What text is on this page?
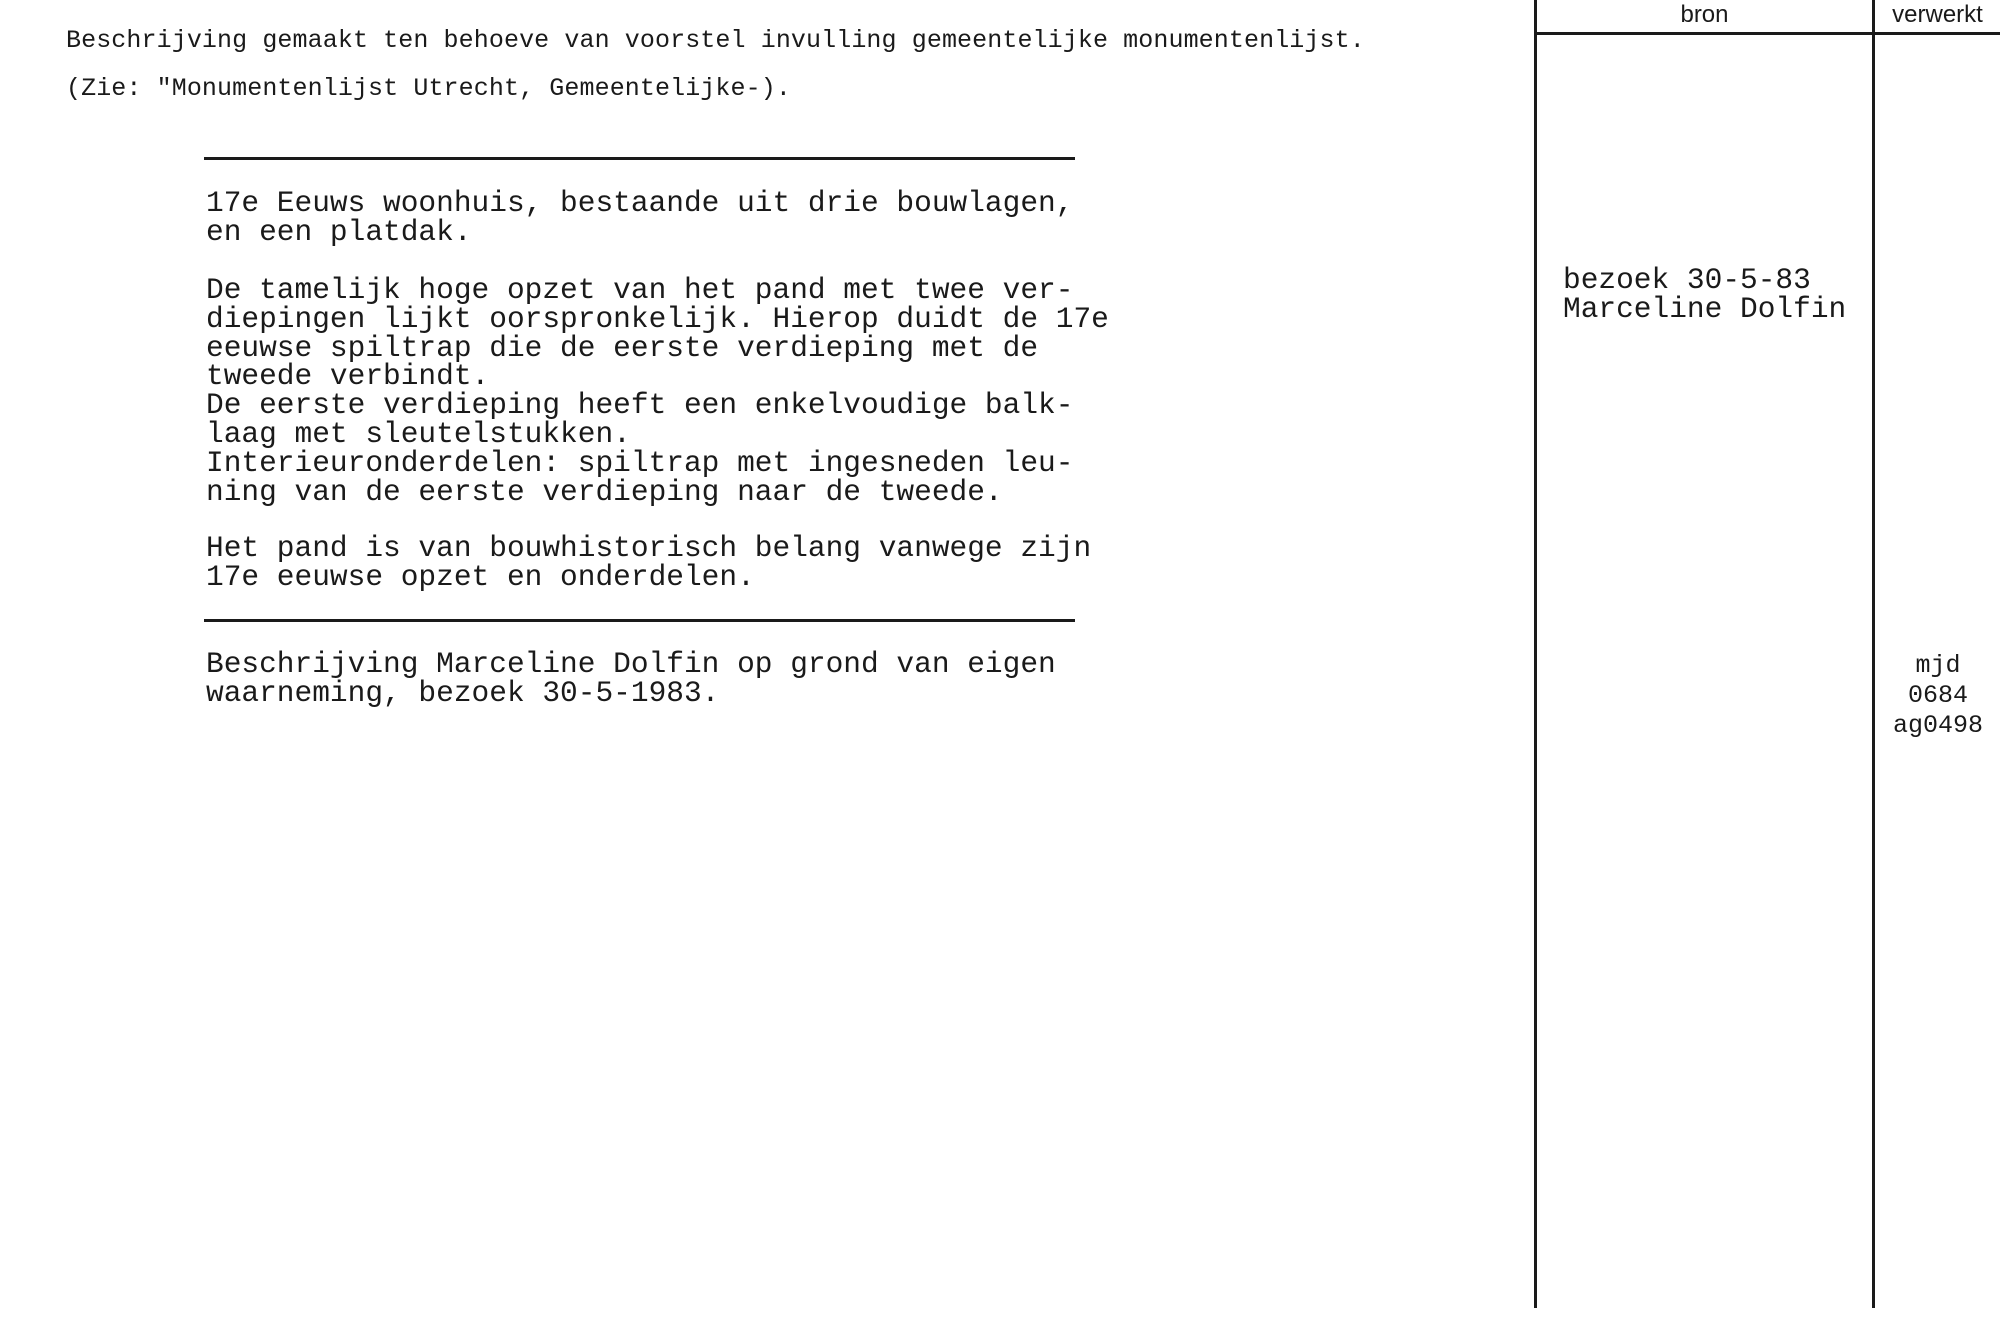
Beschrijving gemaakt ten behoeve van voorstel invulling gemeentelijke monumentenlijst.
(Zie: "Monumentenlijst Utrecht, Gemeentelijke-).
17e Eeuws woonhuis, bestaande uit drie bouwlagen,
en een platdak.
De tamelijk hoge opzet van het pand met twee ver-
diepingen lijkt oorspronkelijk. Hierop duidt de 17e
eeuwse spiltrap die de eerste verdieping met de
tweede verbindt.
De eerste verdieping heeft een enkelvoudige balk-
laag met sleutelstukken.
Interieuronderdelen: spiltrap met ingesneden leu-
ning van de eerste verdieping naar de tweede.
Het pand is van bouwhistorisch belang vanwege zijn
17e eeuwse opzet en onderdelen.
Beschrijving Marceline Dolfin op grond van eigen
waarneming, bezoek 30-5-1983.
bron	verwerkt
bezoek 30-5-83
Marceline Dolfin
mjd
0684
ag0498
